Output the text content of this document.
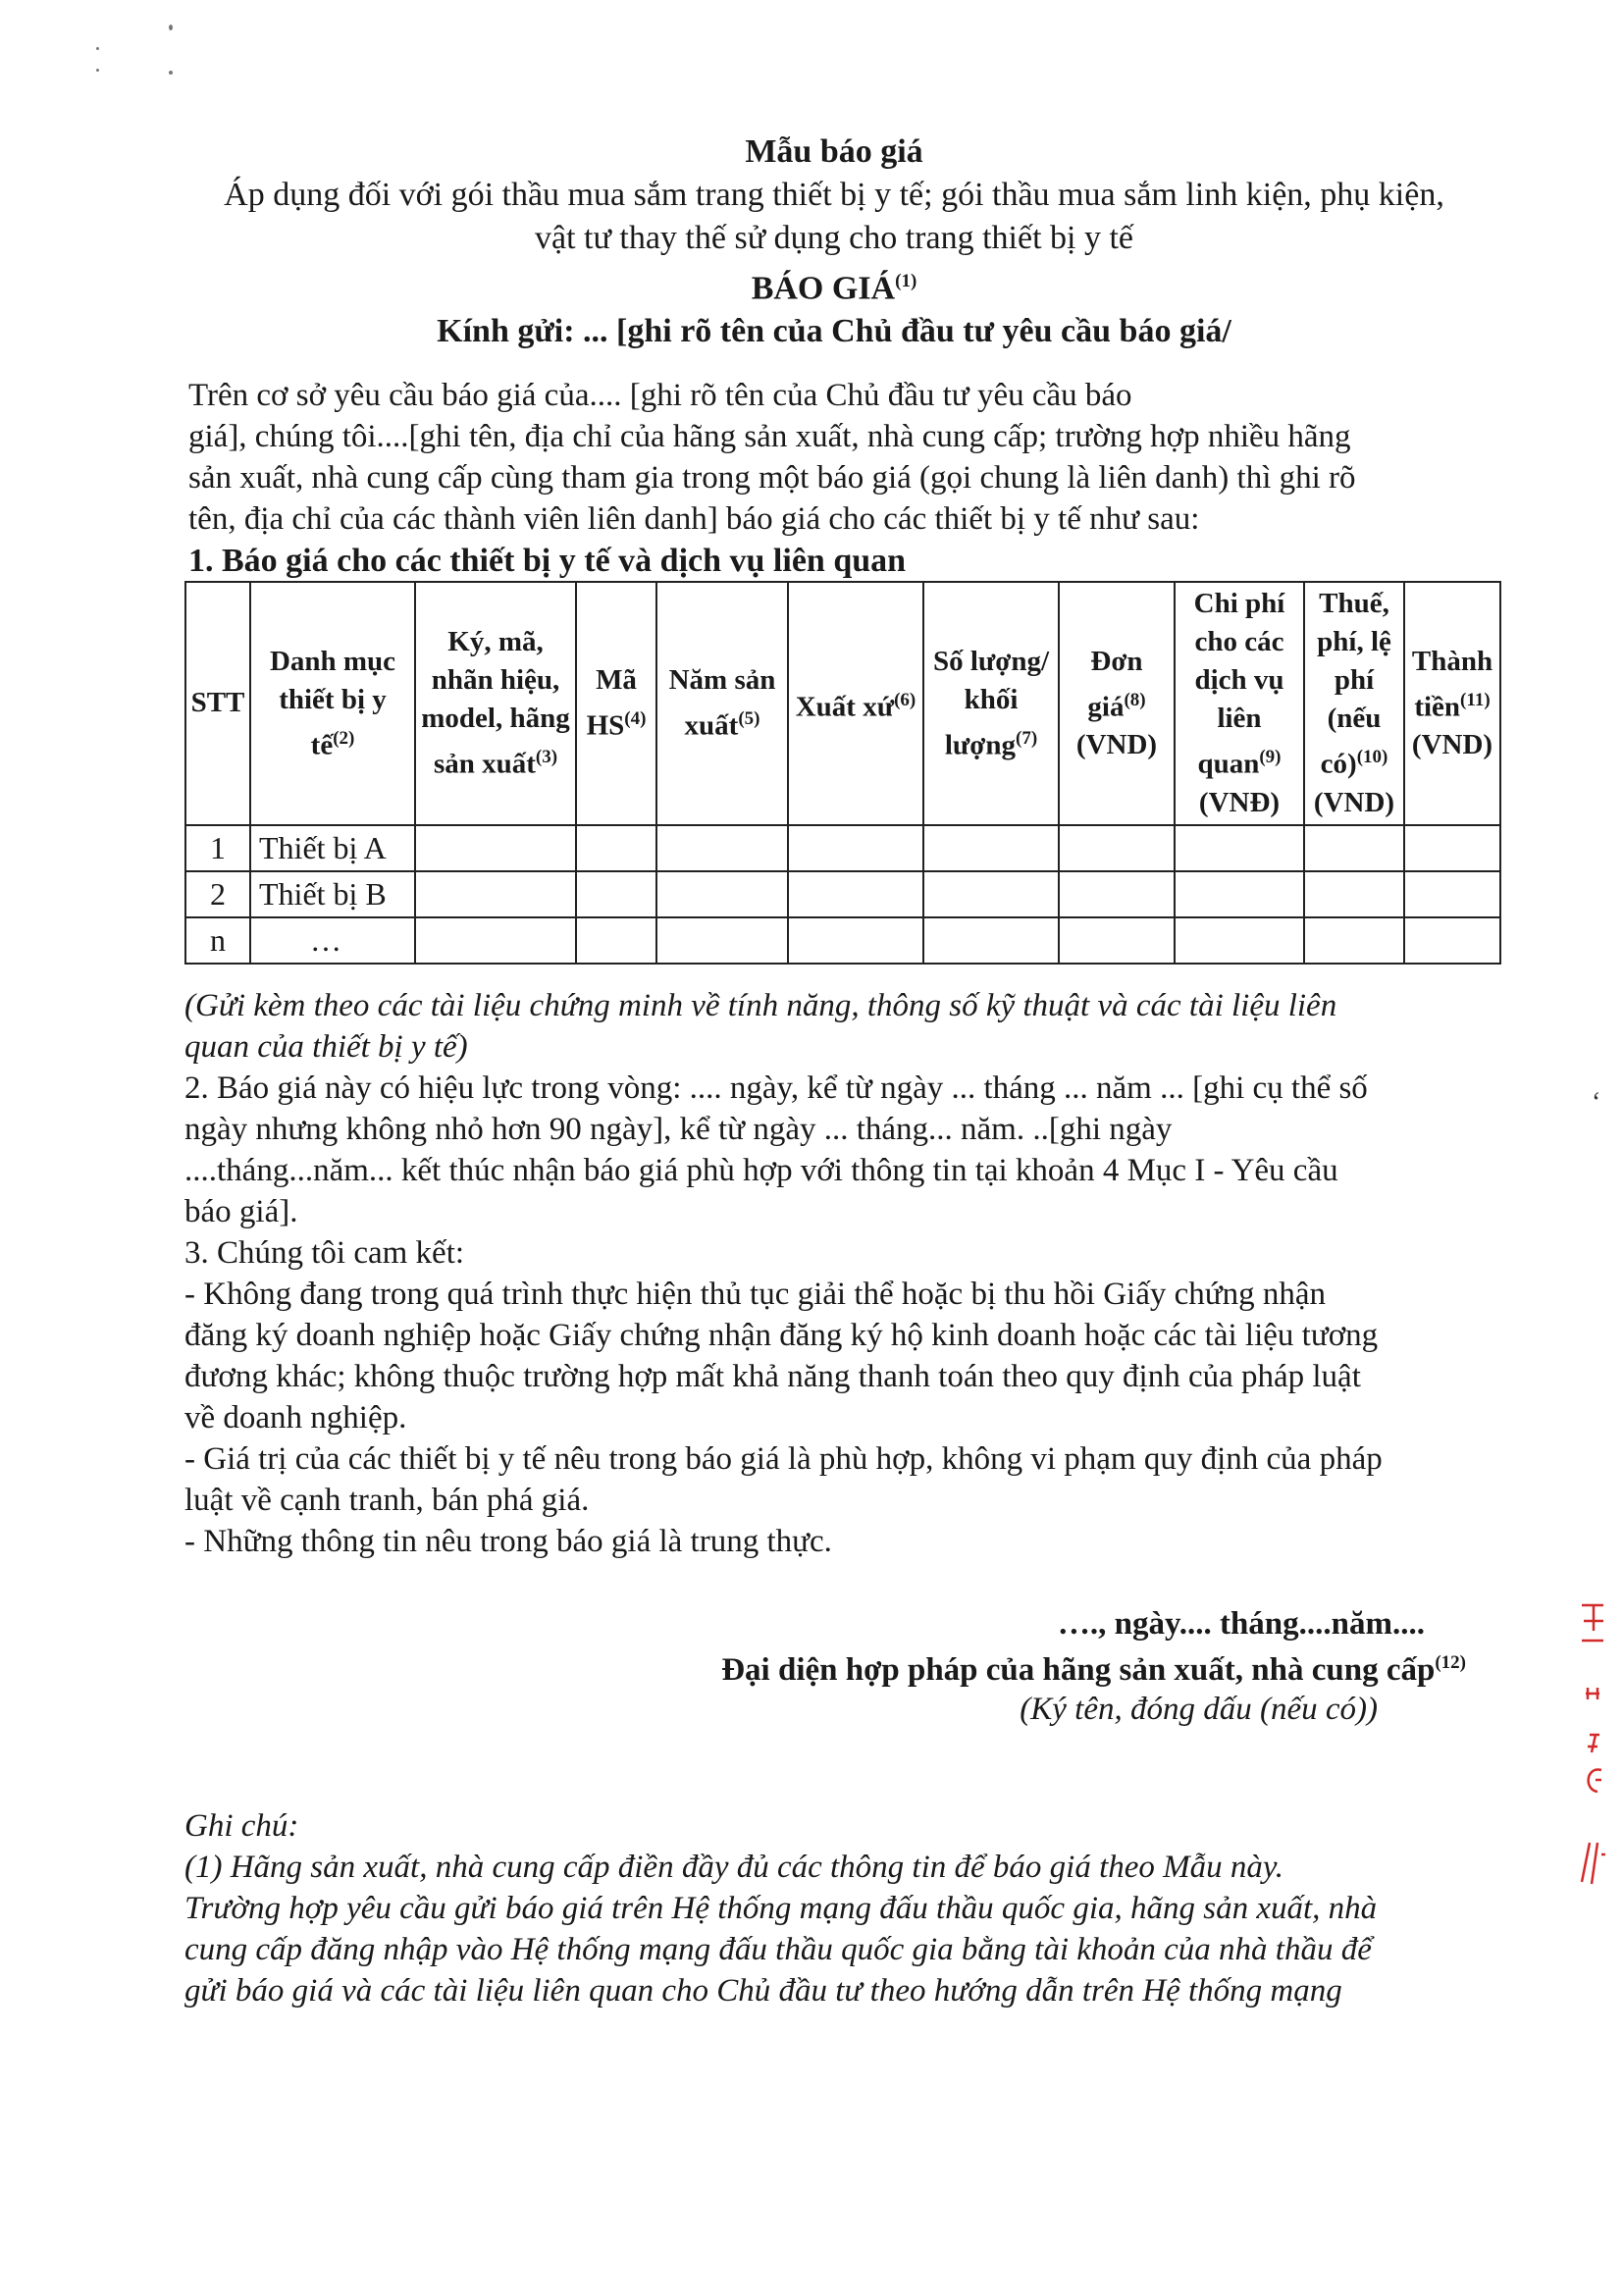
Mẫu báo giá
Áp dụng đối với gói thầu mua sắm trang thiết bị y tế; gói thầu mua sắm linh kiện, phụ kiện,
vật tư thay thế sử dụng cho trang thiết bị y tế
BÁO GIÁ$^{(1)}$
Kính gửi: ... [ghi rõ tên của Chủ đầu tư yêu cầu báo giá/
Trên cơ sở yêu cầu báo giá của.... [ghi rõ tên của Chủ đầu tư yêu cầu báo
giá], chúng tôi....[ghi tên, địa chỉ của hãng sản xuất, nhà cung cấp; trường hợp nhiều hãng
sản xuất, nhà cung cấp cùng tham gia trong một báo giá (gọi chung là liên danh) thì ghi rõ
tên, địa chỉ của các thành viên liên danh] báo giá cho các thiết bị y tế như sau:
1. Báo giá cho các thiết bị y tế và dịch vụ liên quan
STT	Danh mục thiết bị y tế$^{(2)}$	Ký, mã, nhãn hiệu, model, hãng sản xuất$^{(3)}$	Mã HS$^{(4)}$	Năm sản xuất$^{(5)}$	Xuất xứ$^{(6)}$	Số lượng/ khối lượng$^{(7)}$	Đơn giá$^{(8)}$ (VND)	Chi phí cho các dịch vụ liên quan$^{(9)}$ (VNĐ)	Thuế, phí, lệ phí (nếu có)$^{(10)}$ (VND)	Thành tiền$^{(11)}$ (VND)
1	Thiết bị A									
2	Thiết bị B									
n	…									
(Gửi kèm theo các tài liệu chứng minh về tính năng, thông số kỹ thuật và các tài liệu liên
quan của thiết bị y tế)
2. Báo giá này có hiệu lực trong vòng: .... ngày, kể từ ngày ... tháng ... năm ... [ghi cụ thể số
ngày nhưng không nhỏ hơn 90 ngày], kể từ ngày ... tháng... năm. ..[ghi ngày
....tháng...năm... kết thúc nhận báo giá phù hợp với thông tin tại khoản 4 Mục I - Yêu cầu
báo giá].
3. Chúng tôi cam kết:
- Không đang trong quá trình thực hiện thủ tục giải thể hoặc bị thu hồi Giấy chứng nhận
đăng ký doanh nghiệp hoặc Giấy chứng nhận đăng ký hộ kinh doanh hoặc các tài liệu tương
đương khác; không thuộc trường hợp mất khả năng thanh toán theo quy định của pháp luật
về doanh nghiệp.
- Giá trị của các thiết bị y tế nêu trong báo giá là phù hợp, không vi phạm quy định của pháp
luật về cạnh tranh, bán phá giá.
- Những thông tin nêu trong báo giá là trung thực.
…., ngày.... tháng....năm....
Đại diện hợp pháp của hãng sản xuất, nhà cung cấp$^{(12)}$
(Ký tên, đóng dấu (nếu có))
Ghi chú:
(1) Hãng sản xuất, nhà cung cấp điền đầy đủ các thông tin để báo giá theo Mẫu này.
Trường hợp yêu cầu gửi báo giá trên Hệ thống mạng đấu thầu quốc gia, hãng sản xuất, nhà
cung cấp đăng nhập vào Hệ thống mạng đấu thầu quốc gia bằng tài khoản của nhà thầu để
gửi báo giá và các tài liệu liên quan cho Chủ đầu tư theo hướng dẫn trên Hệ thống mạng
ʻ
